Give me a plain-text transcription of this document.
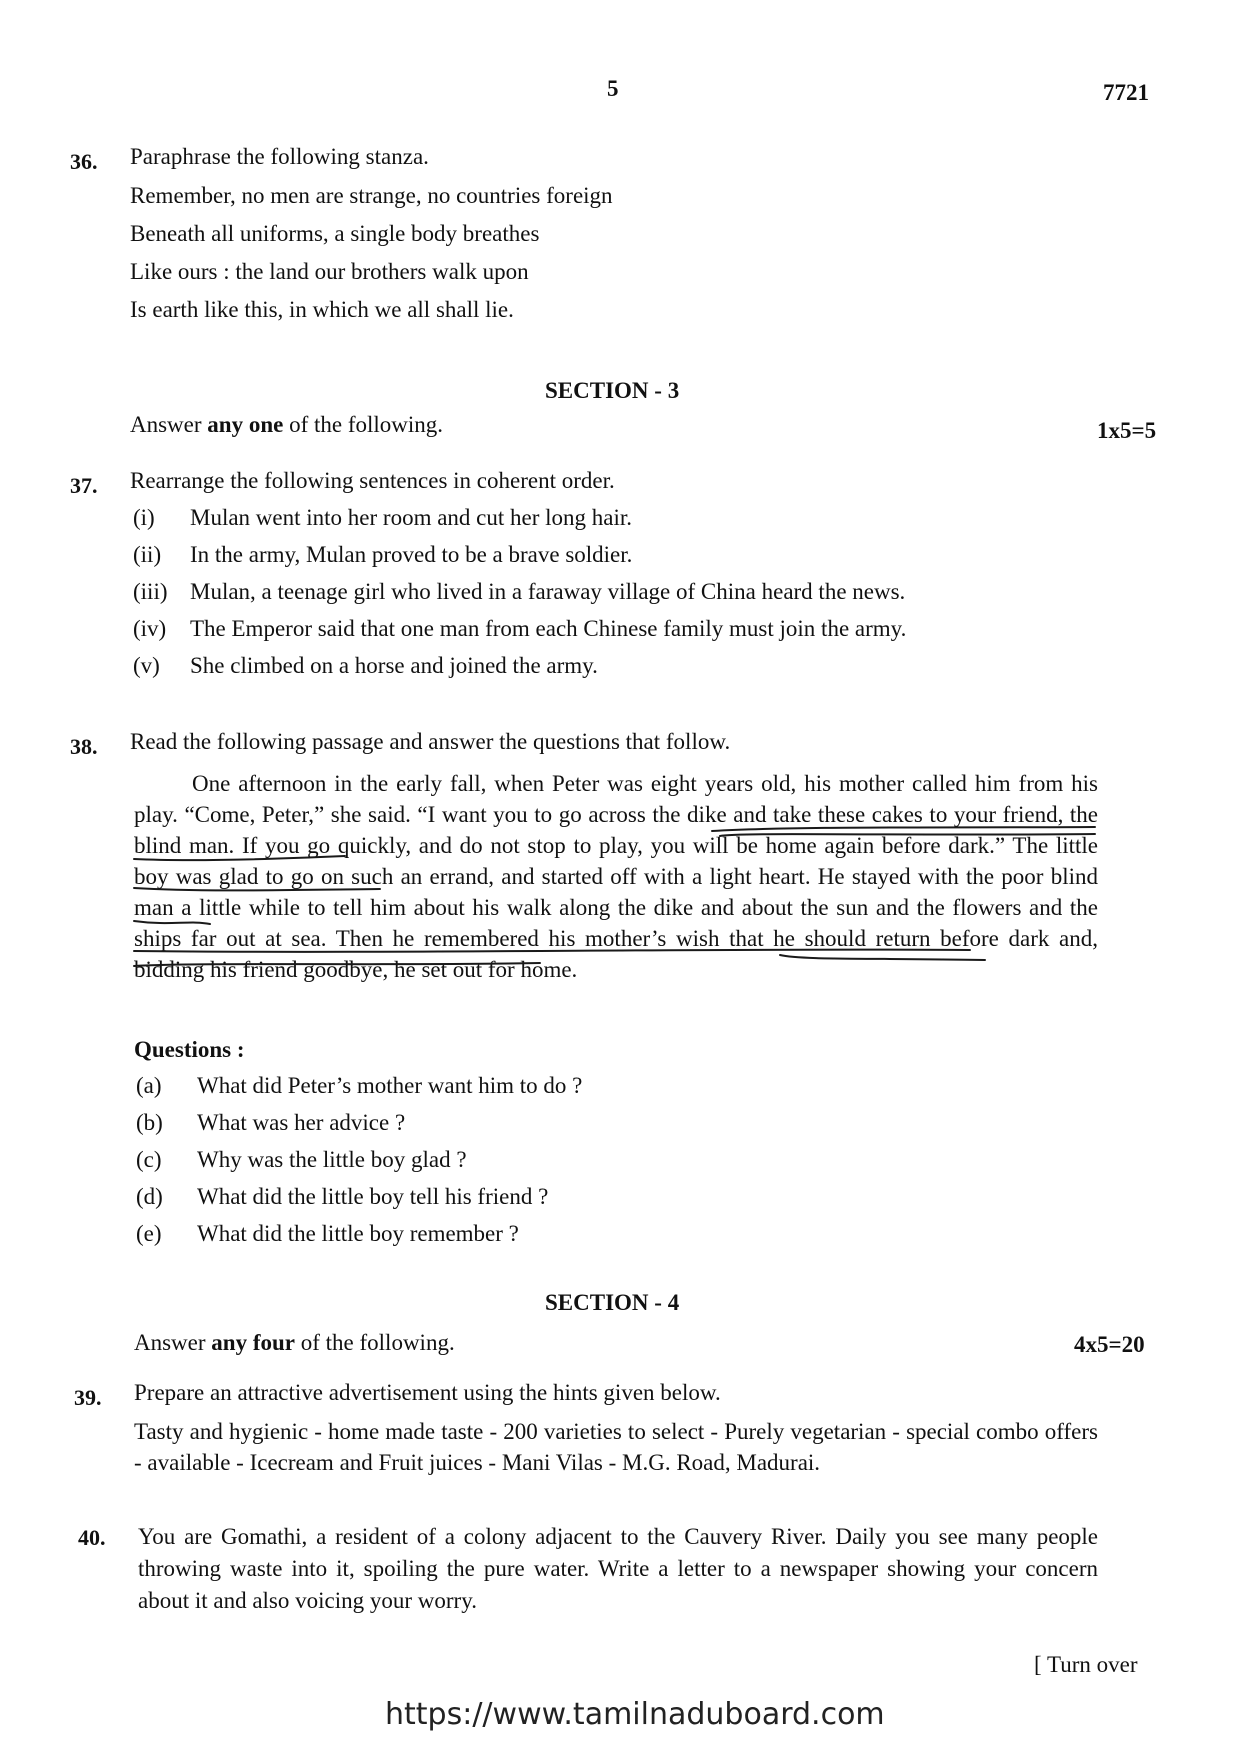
5	7721
36. Paraphrase the following stanza.
Remember, no men are strange, no countries foreign
Beneath all uniforms, a single body breathes
Like ours : the land our brothers walk upon
Is earth like this, in which we all shall lie.
SECTION - 3
Answer any one of the following.	1x5=5
37. Rearrange the following sentences in coherent order.
(i) Mulan went into her room and cut her long hair.
(ii) In the army, Mulan proved to be a brave soldier.
(iii) Mulan, a teenage girl who lived in a faraway village of China heard the news.
(iv) The Emperor said that one man from each Chinese family must join the army.
(v) She climbed on a horse and joined the army.
38. Read the following passage and answer the questions that follow.
One afternoon in the early fall, when Peter was eight years old, his mother called him from his play. “Come, Peter,” she said. “I want you to go across the dike and take these cakes to your friend, the blind man. If you go quickly, and do not stop to play, you will be home again before dark.” The little boy was glad to go on such an errand, and started off with a light heart. He stayed with the poor blind man a little while to tell him about his walk along the dike and about the sun and the flowers and the ships far out at sea. Then he remembered his mother’s wish that he should return before dark and, bidding his friend goodbye, he set out for home.
Questions :
(a) What did Peter’s mother want him to do ?
(b) What was her advice ?
(c) Why was the little boy glad ?
(d) What did the little boy tell his friend ?
(e) What did the little boy remember ?
SECTION - 4
Answer any four of the following.	4x5=20
39. Prepare an attractive advertisement using the hints given below.
Tasty and hygienic - home made taste - 200 varieties to select - Purely vegetarian - special combo offers - available - Icecream and Fruit juices - Mani Vilas - M.G. Road, Madurai.
40. You are Gomathi, a resident of a colony adjacent to the Cauvery River. Daily you see many people throwing waste into it, spoiling the pure water. Write a letter to a newspaper showing your concern about it and also voicing your worry.
[ Turn over
https://www.tamilnaduboard.com
